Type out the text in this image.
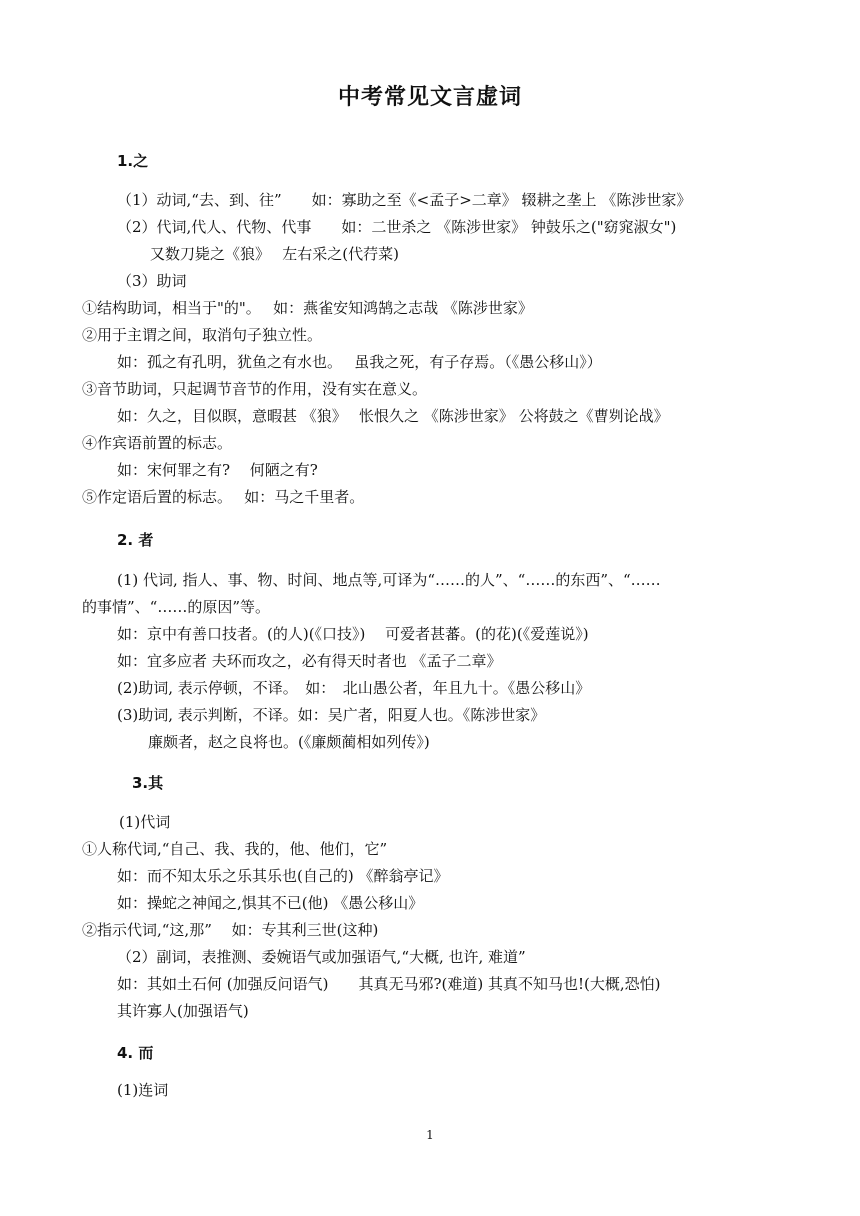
中考常见文言虚词

1.之

（1）动词,“去、到、往”　　如：寡助之至《<孟子>二章》 辍耕之垄上 《陈涉世家》

（2）代词,代人、代物、代事　　如：二世杀之 《陈涉世家》 钟鼓乐之("窈窕淑女")

又数刀毙之《狼》　 左右采之(代荇菜)

（3）助词

①结构助词，相当于"的"。　 如：燕雀安知鸿鹄之志哉 《陈涉世家》

②用于主谓之间，取消句子独立性。

如：孤之有孔明，犹鱼之有水也。　 虽我之死，有子存焉。（《愚公移山》）

③音节助词，只起调节音节的作用，没有实在意义。

如：久之，目似瞑，意暇甚 《狼》　 怅恨久之 《陈涉世家》 公将鼓之《曹刿论战》

④作宾语前置的标志。

如：宋何罪之有?　 何陋之有?

⑤作定语后置的标志。　 如：马之千里者。

2. 者

(1) 代词, 指人、事、物、时间、地点等,可译为“……的人”、“……的东西”、“……

的事情”、“……的原因”等。

如：京中有善口技者。(的人)(《口技》)　 可爱者甚蕃。(的花)(《爱莲说》)

如：宜多应者 夫环而攻之，必有得天时者也 《孟子二章》

(2)助词, 表示停顿，不译。　如：　北山愚公者，年且九十。《愚公移山》

(3)助词, 表示判断，不译。如：吴广者，阳夏人也。《陈涉世家》

廉颇者，赵之良将也。(《廉颇蔺相如列传》)

3.其

(1)代词

①人称代词,“自己、我、我的，他、他们，它”

如：而不知太乐之乐其乐也(自己的) 《醉翁亭记》

如：操蛇之神闻之,惧其不已(他) 《愚公移山》

②指示代词,“这,那”　 如：专其利三世(这种)

（2）副词，表推测、委婉语气或加强语气,“大概, 也许, 难道”

如：其如土石何 (加强反问语气)　　其真无马邪?(难道) 其真不知马也!(大概,恐怕)

其许寡人(加强语气)

4. 而

(1)连词

1
